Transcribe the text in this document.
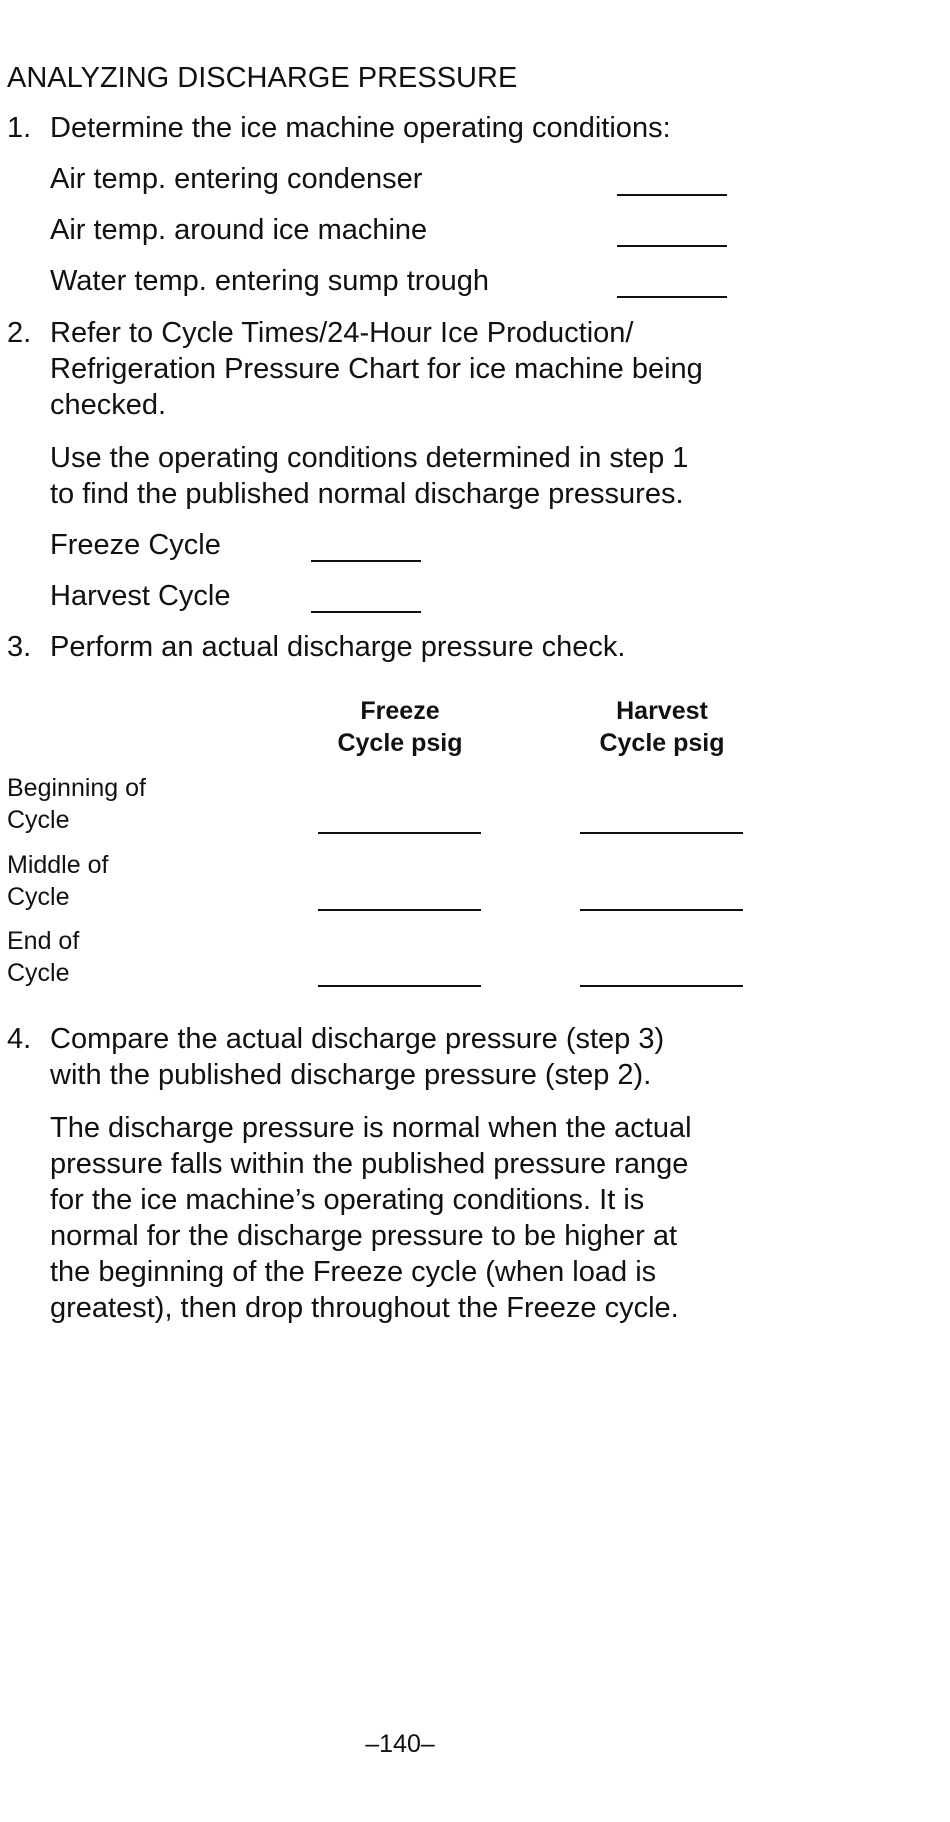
ANALYZING DISCHARGE PRESSURE
1. Determine the ice machine operating conditions:
Air temp. entering condenser
Air temp. around ice machine
Water temp. entering sump trough
2. Refer to Cycle Times/24-Hour Ice Production/
Refrigeration Pressure Chart for ice machine being
checked.
Use the operating conditions determined in step 1
to find the published normal discharge pressures.
Freeze Cycle
Harvest Cycle
3. Perform an actual discharge pressure check.
Freeze
Cycle psig
Harvest
Cycle psig
Beginning of
Cycle
Middle of
Cycle
End of
Cycle
4. Compare the actual discharge pressure (step 3)
with the published discharge pressure (step 2).
The discharge pressure is normal when the actual
pressure falls within the published pressure range
for the ice machine’s operating conditions. It is
normal for the discharge pressure to be higher at
the beginning of the Freeze cycle (when load is
greatest), then drop throughout the Freeze cycle.
–140–
